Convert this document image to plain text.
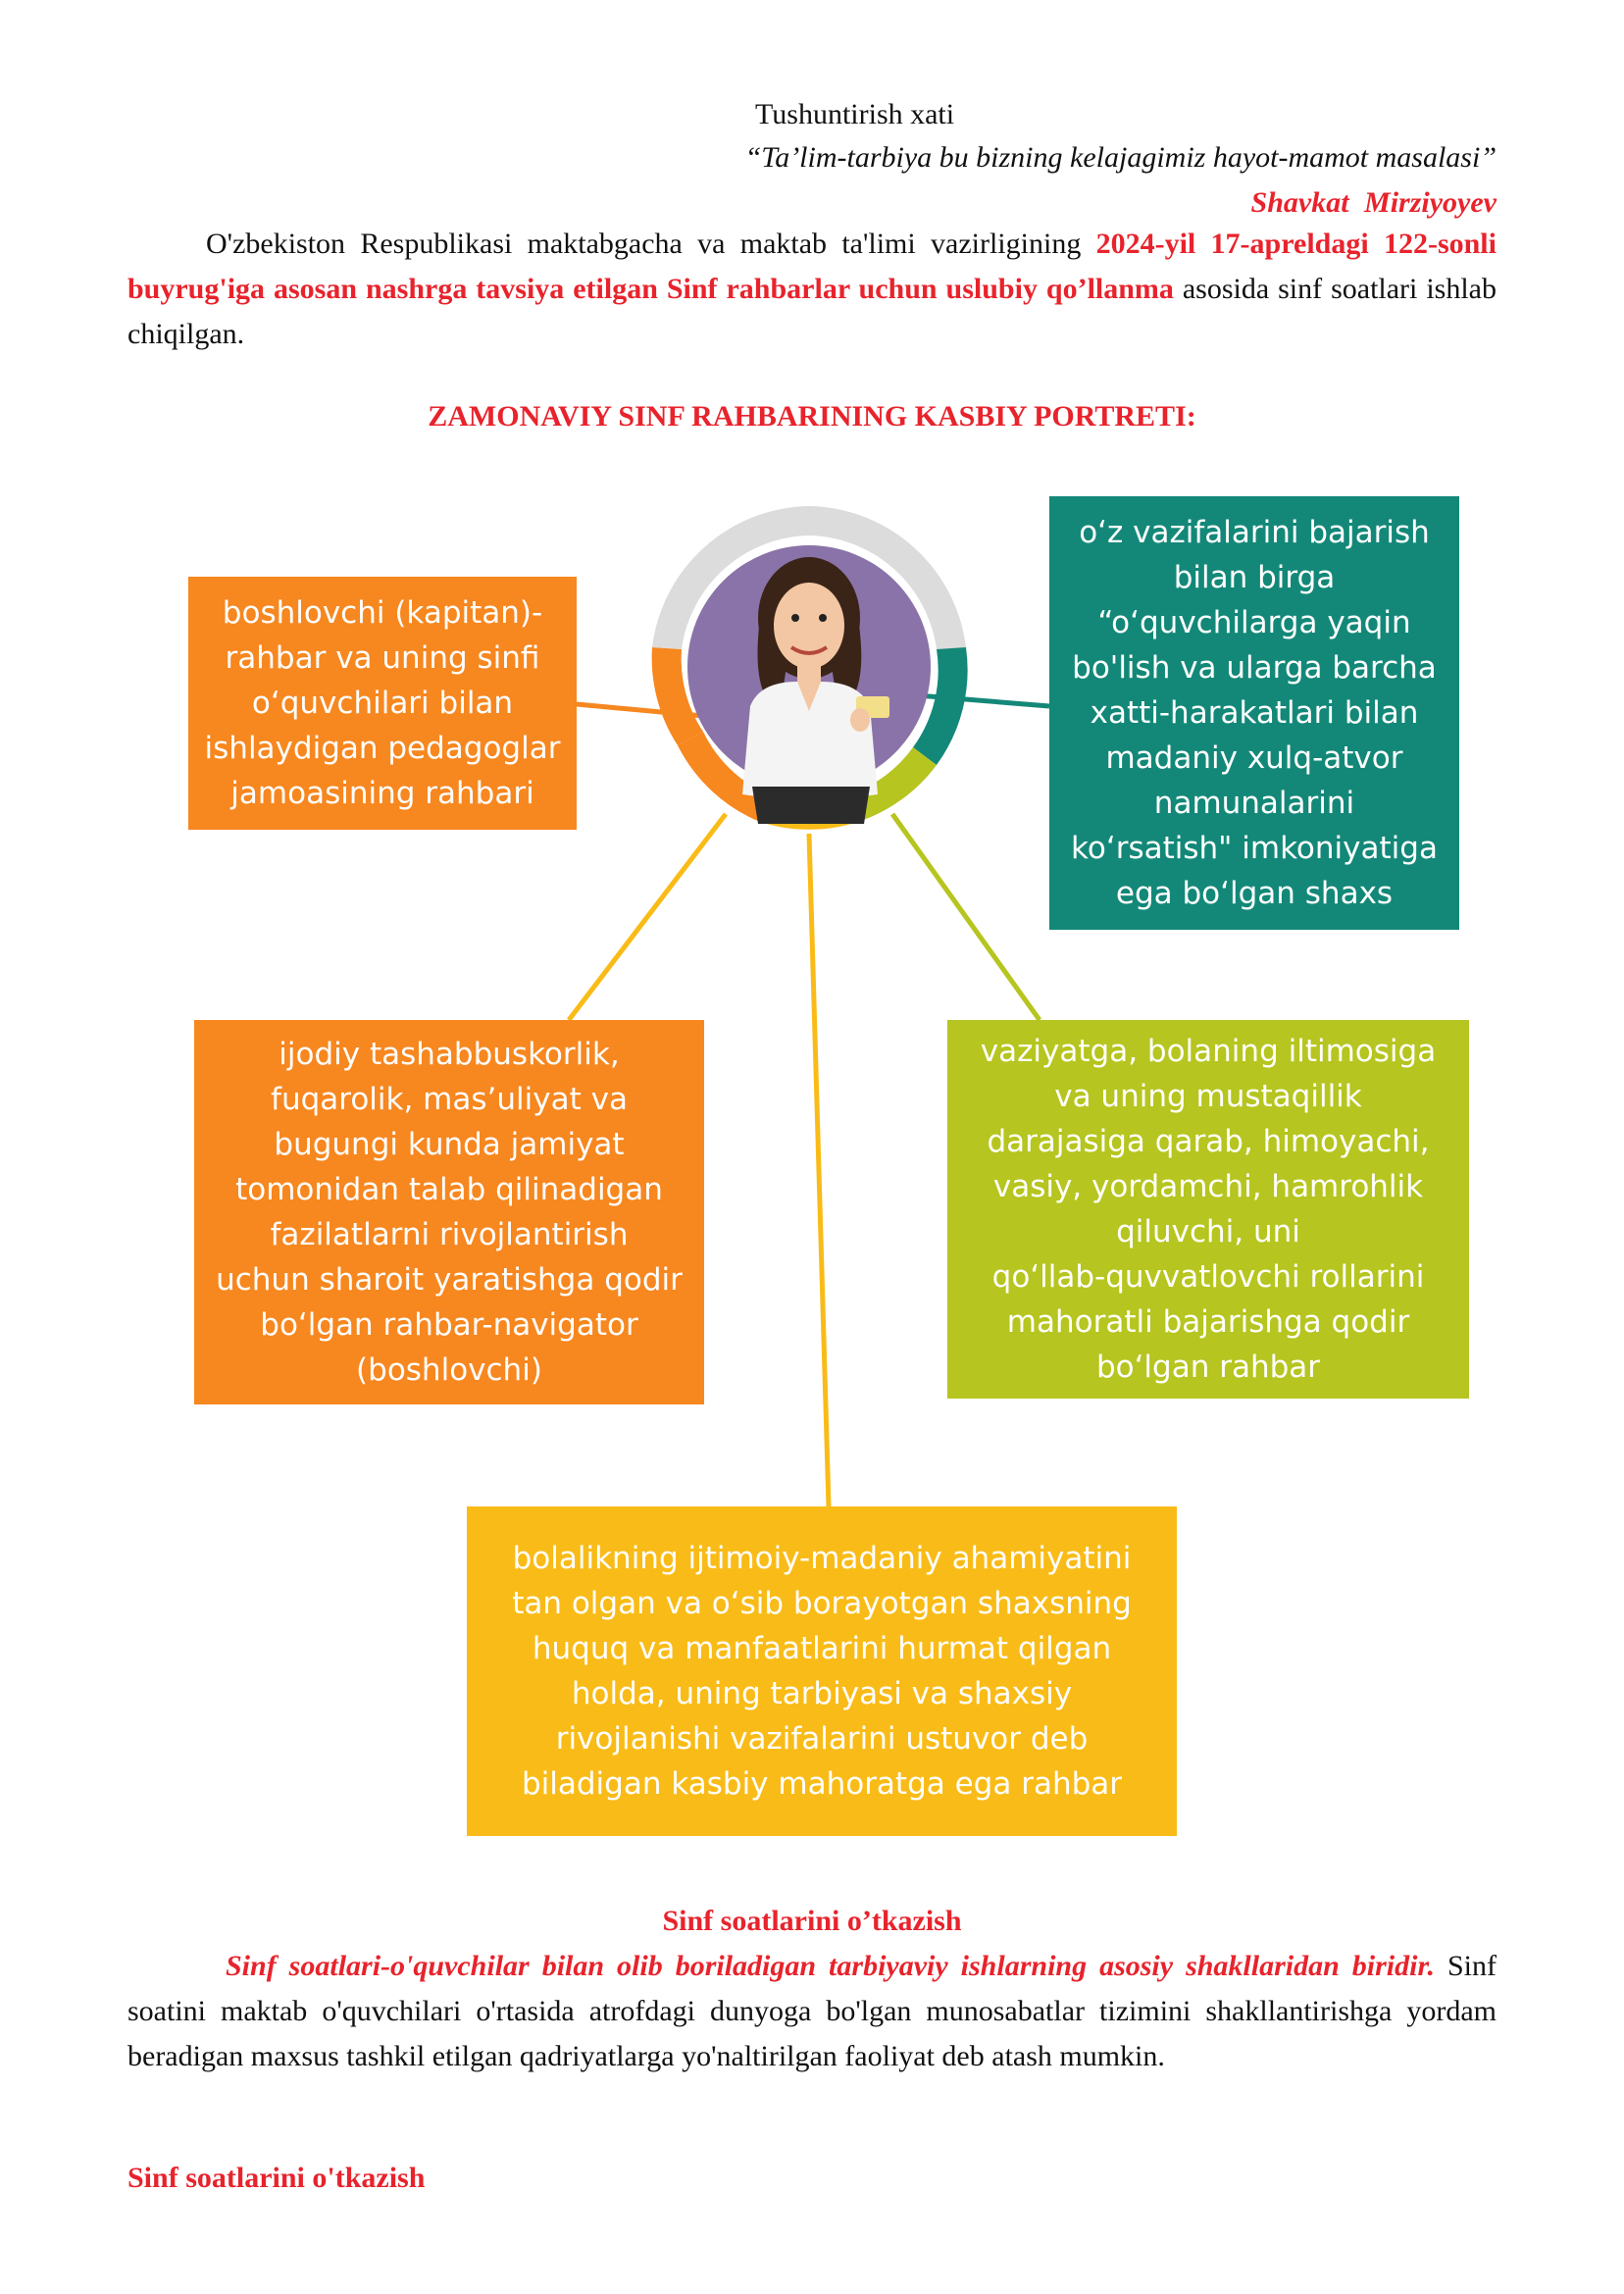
Tushuntirish xati
“Ta’lim-tarbiya bu bizning kelajagimiz hayot-mamot masalasi”
Shavkat Mirziyoyev
O'zbekiston Respublikasi maktabgacha va maktab ta'limi vazirligining 2024-yil 17-apreldagi 122-sonli buyrug'iga asosan nashrga tavsiya etilgan Sinf rahbarlar uchun uslubiy qo’llanma asosida sinf soatlari ishlab chiqilgan.
ZAMONAVIY SINF RAHBARINING KASBIY PORTRETI:
boshlovchi (kapitan)-
rahbar va uning sinfi
oʻquvchilari bilan
ishlaydigan pedagoglar
jamoasining rahbari
oʻz vazifalarini bajarish
bilan birga
“oʻquvchilarga yaqin
bo'lish va ularga barcha
xatti-harakatlari bilan
madaniy xulq-atvor
namunalarini
koʻrsatish" imkoniyatiga
ega boʻlgan shaxs
ijodiy tashabbuskorlik,
fuqarolik, mas’uliyat va
bugungi kunda jamiyat
tomonidan talab qilinadigan
fazilatlarni rivojlantirish
uchun sharoit yaratishga qodir
boʻlgan rahbar-navigator
(boshlovchi)
vaziyatga, bolaning iltimosiga
va uning mustaqillik
darajasiga qarab, himoyachi,
vasiy, yordamchi, hamrohlik
qiluvchi, uni
qoʻllab-quvvatlovchi rollarini
mahoratli bajarishga qodir
boʻlgan rahbar
bolalikning ijtimoiy-madaniy ahamiyatini
tan olgan va oʻsib borayotgan shaxsning
huquq va manfaatlarini hurmat qilgan
holda, uning tarbiyasi va shaxsiy
rivojlanishi vazifalarini ustuvor deb
biladigan kasbiy mahoratga ega rahbar
Sinf soatlarini o’tkazish
Sinf soatlari-o'quvchilar bilan olib boriladigan tarbiyaviy ishlarning asosiy shakllaridan biridir. Sinf soatini maktab o'quvchilari o'rtasida atrofdagi dunyoga bo'lgan munosabatlar tizimini shakllantirishga yordam beradigan maxsus tashkil etilgan qadriyatlarga yo'naltirilgan faoliyat deb atash mumkin.
Sinf soatlarini o'tkazish
